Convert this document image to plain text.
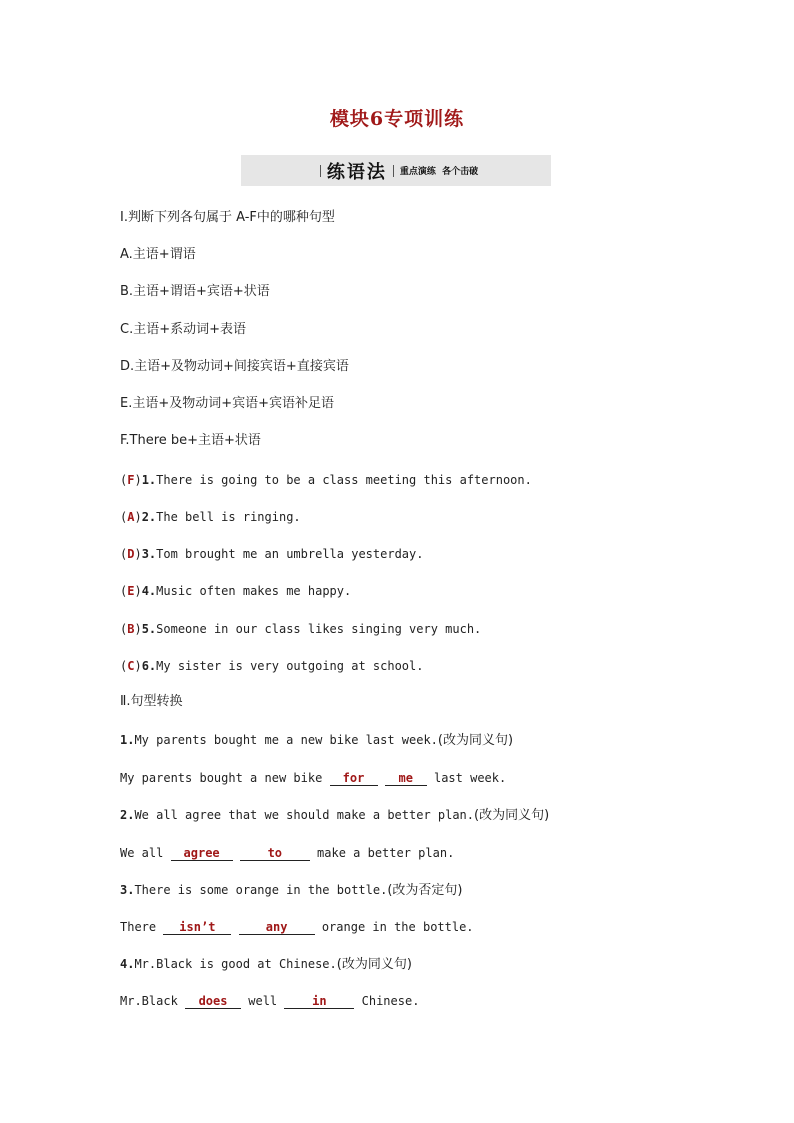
模块6专项训练
练语法 重点演练  各个击破
Ⅰ.判断下列各句属于 A-F中的哪种句型
A.主语+谓语
B.主语+谓语+宾语+状语
C.主语+系动词+表语
D.主语+及物动词+间接宾语+直接宾语
E.主语+及物动词+宾语+宾语补足语
F.There be+主语+状语
(F)1.There is going to be a class meeting this afternoon.
(A)2.The bell is ringing.
(D)3.Tom brought me an umbrella yesterday.
(E)4.Music often makes me happy.
(B)5.Someone in our class likes singing very much.
(C)6.My sister is very outgoing at school.
Ⅱ.句型转换
1.My parents bought me a new bike last week.(改为同义句)
My parents bought a new bike for	me last week.
2.We all agree that we should make a better plan.(改为同义句)
We all agree	to make a better plan.
3.There is some orange in the bottle.(改为否定句)
There isn’t	any orange in the bottle.
4.Mr.Black is good at Chinese.(改为同义句)
Mr.Black does well in Chinese.
